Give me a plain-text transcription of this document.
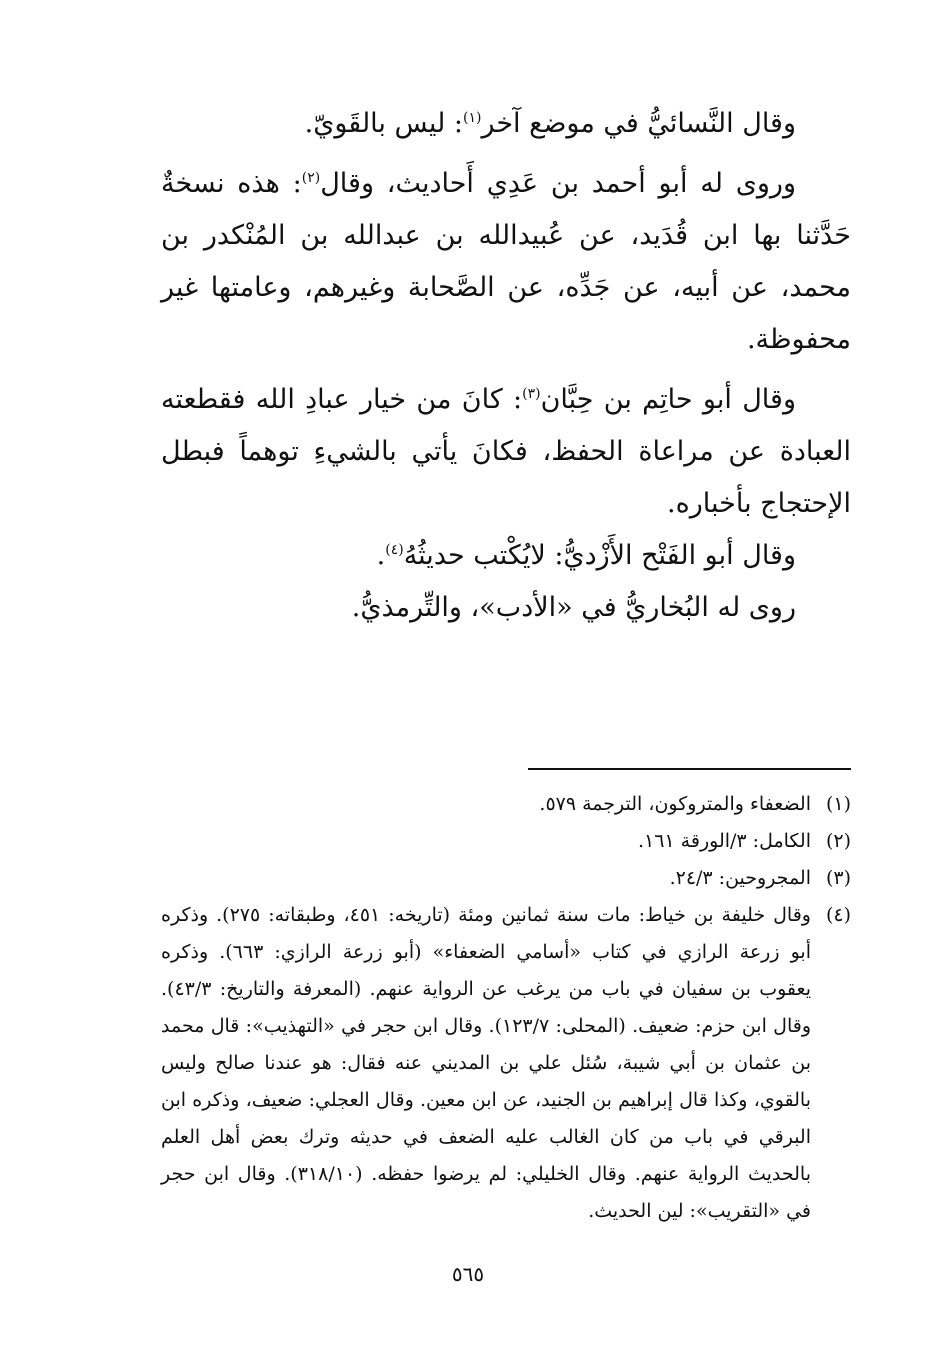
وقال النَّسائيُّ في موضع آخر$^{(١)}$: ليس بالقَويّ.

وروى له أبو أحمد بن عَدِي أَحاديث، وقال$^{(٢)}$: هذه نسخةٌ حَدَّثنا بها ابن قُدَيد، عن عُبيدالله بن عبدالله بن المُنْكدر بن محمد، عن أبيه، عن جَدِّه، عن الصَّحابة وغيرهم، وعامتها غير محفوظة.

وقال أبو حاتِم بن حِبَّان$^{(٣)}$: كانَ من خيار عبادِ الله فقطعته العبادة عن مراعاة الحفظ، فكانَ يأتي بالشيءِ توهماً فبطل الإحتجاج بأخباره.

وقال أبو الفَتْح الأَزْديُّ: لايُكْتب حديثُهُ$^{(٤)}$.

روى له البُخاريُّ في «الأدب»، والتِّرمذيُّ.

(١)
الضعفاء والمتروكون، الترجمة ٥٧٩.
(٢)
الكامل: ٣/الورقة ١٦١.
(٣)
المجروحين: ٢٤/٣.
(٤)
وقال خليفة بن خياط: مات سنة ثمانين ومئة (تاريخه: ٤٥١، وطبقاته: ٢٧٥). وذكره أبو زرعة الرازي في كتاب «أسامي الضعفاء» (أبو زرعة الرازي: ٦٦٣). وذكره يعقوب بن سفيان في باب من يرغب عن الرواية عنهم. (المعرفة والتاريخ: ٤٣/٣). وقال ابن حزم: ضعيف. (المحلى: ١٢٣/٧). وقال ابن حجر في «التهذيب»: قال محمد بن عثمان بن أبي شيبة، سُئل علي بن المديني عنه فقال: هو عندنا صالح وليس بالقوي، وكذا قال إبراهيم بن الجنيد، عن ابن معين. وقال العجلي: ضعيف، وذكره ابن البرقي في باب من كان الغالب عليه الضعف في حديثه وترك بعض أهل العلم بالحديث الرواية عنهم. وقال الخليلي: لم يرضوا حفظه. (٣١٨/١٠). وقال ابن حجر في «التقريب»: لين الحديث.
٥٦٥
